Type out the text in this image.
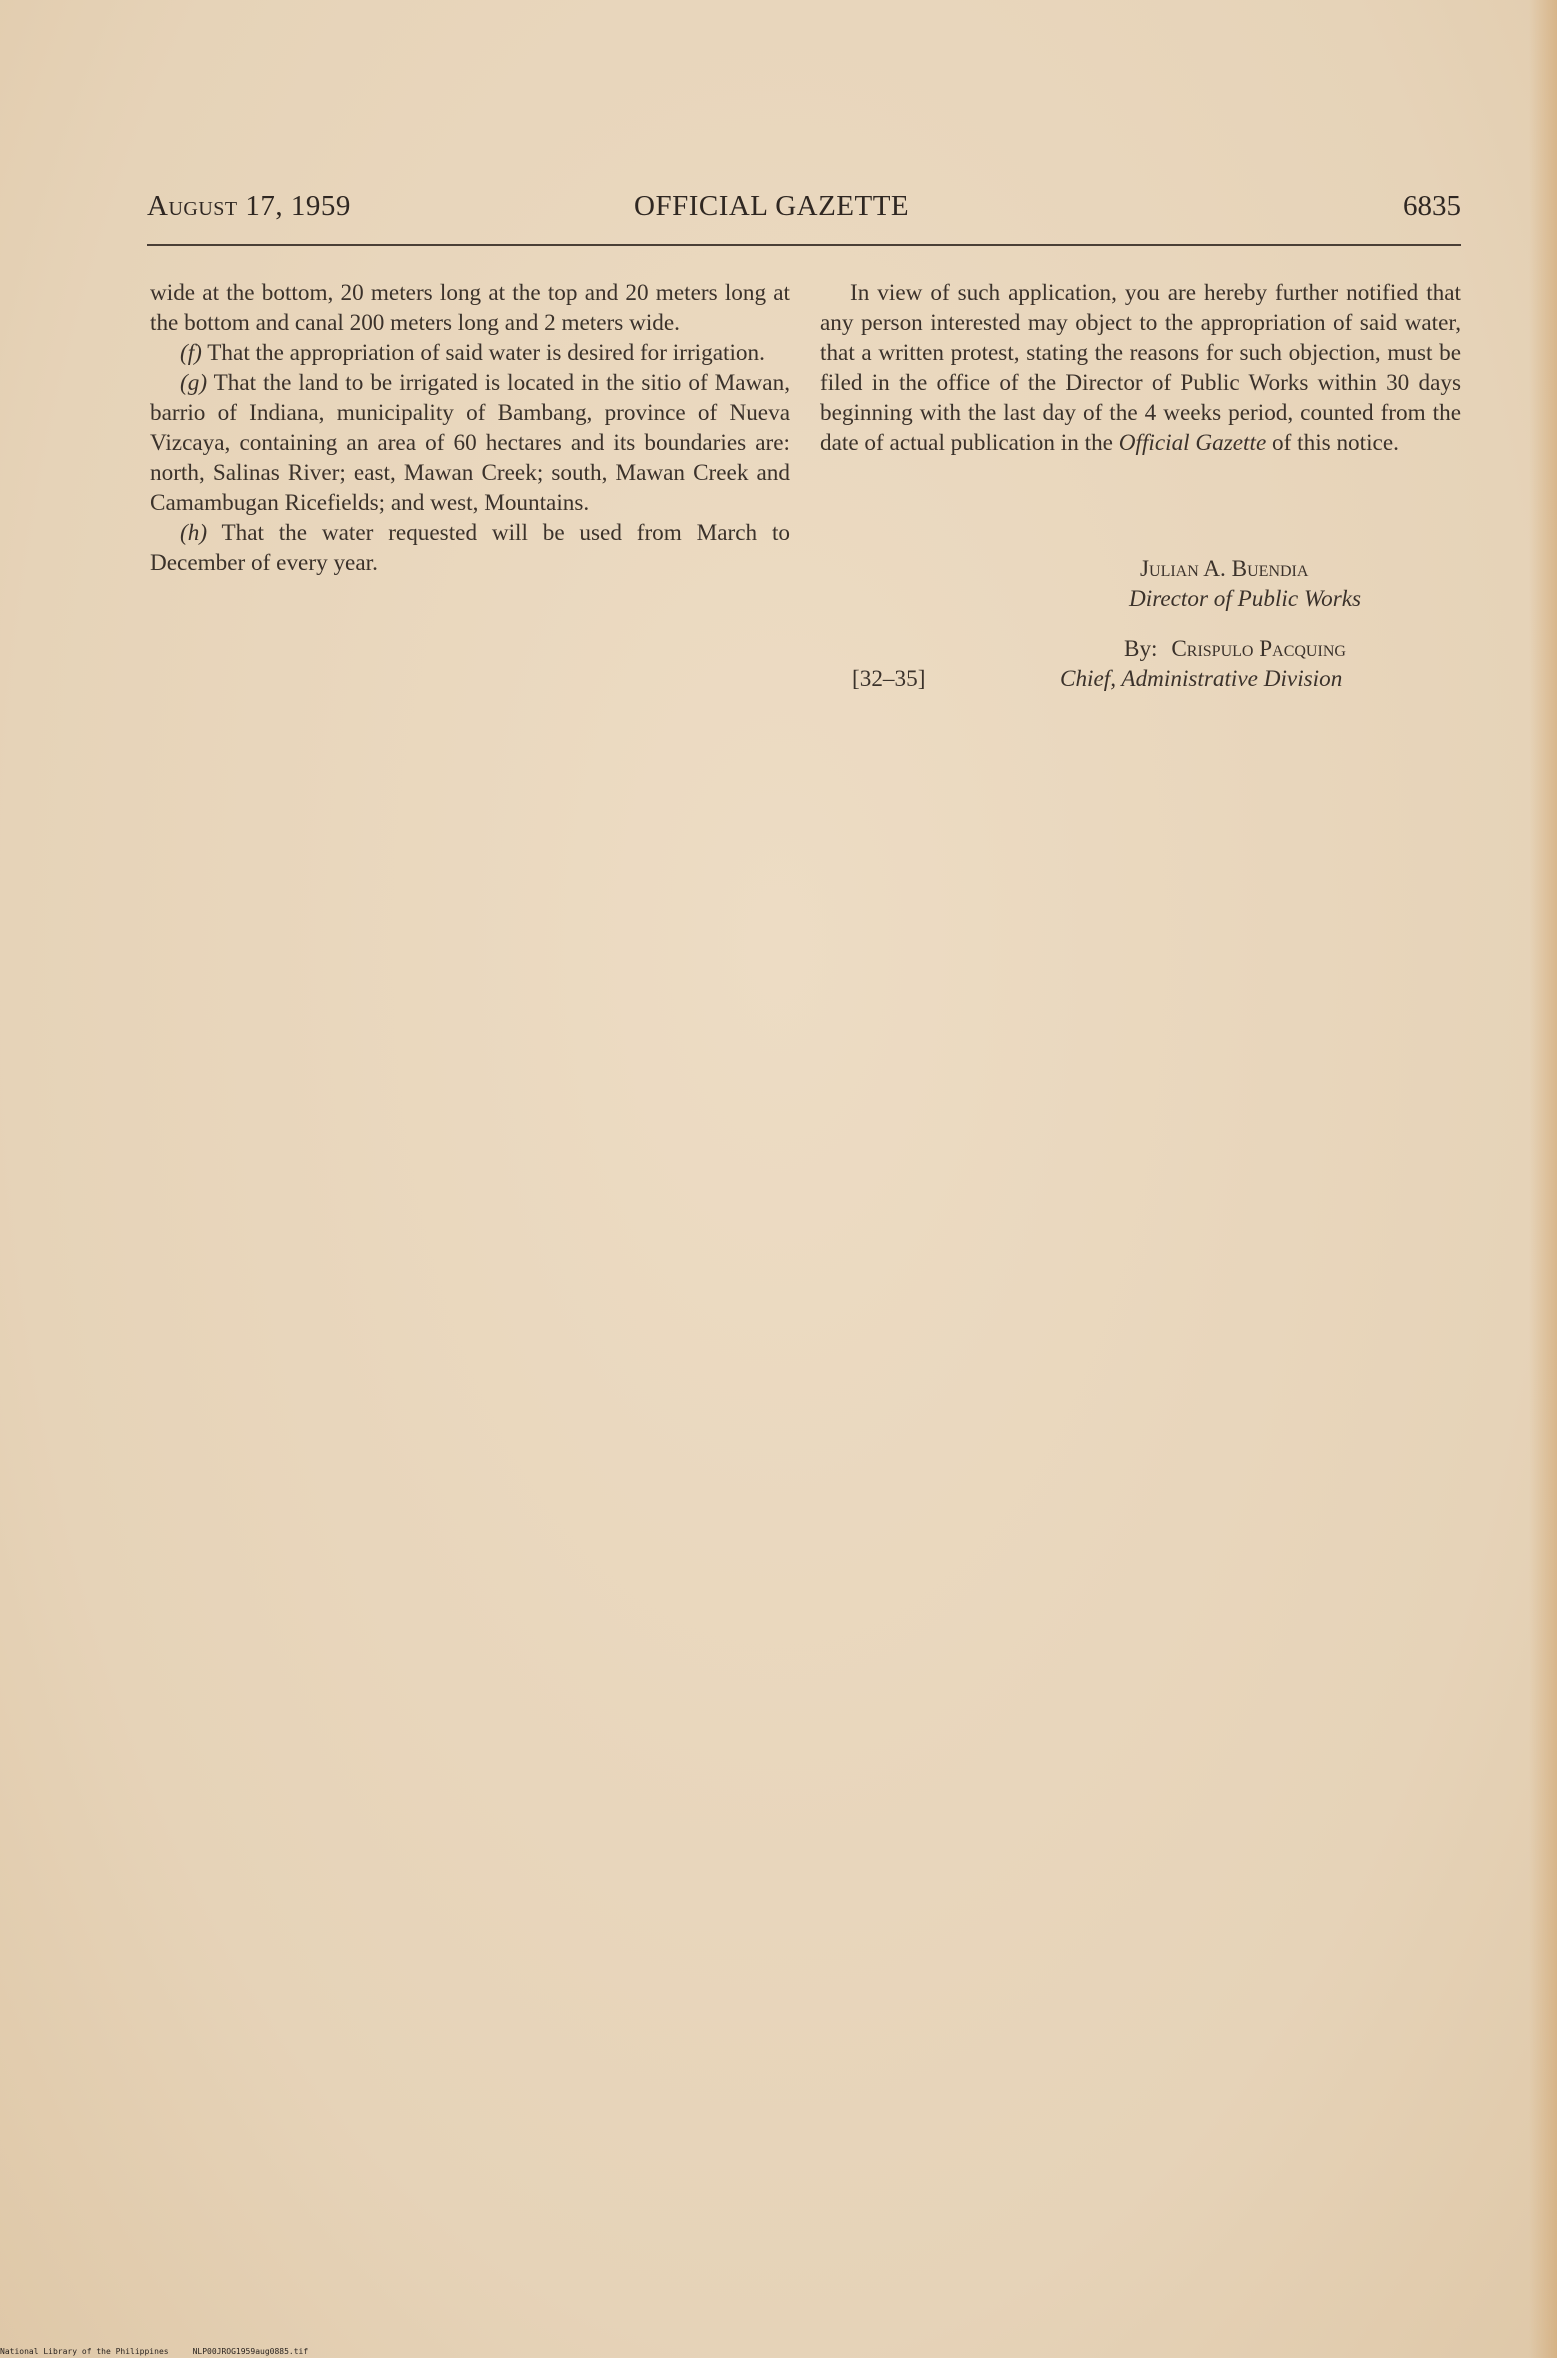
August 17, 1959	OFFICIAL GAZETTE	6835

wide at the bottom, 20 meters long at the top and 20 meters long at the bottom and canal 200 meters long and 2 meters wide.

(f) That the appropriation of said water is desired for irrigation.

(g) That the land to be irrigated is located in the sitio of Mawan, barrio of Indiana, municipality of Bambang, province of Nueva Vizcaya, containing an area of 60 hectares and its boundaries are: north, Salinas River; east, Mawan Creek; south, Mawan Creek and Camambugan Ricefields; and west, Mountains.

(h) That the water requested will be used from March to December of every year.

In view of such application, you are hereby further notified that any person interested may object to the appropriation of said water, that a written protest, stating the reasons for such objection, must be filed in the office of the Director of Public Works within 30 days beginning with the last day of the 4 weeks period, counted from the date of actual publication in the Official Gazette of this notice.

Julian A. Buendia
Director of Public Works
By: Crispulo Pacquing
[32–35]	Chief, Administrative Division
National Library of the Philippines	NLP00JROG1959aug0885.tif
